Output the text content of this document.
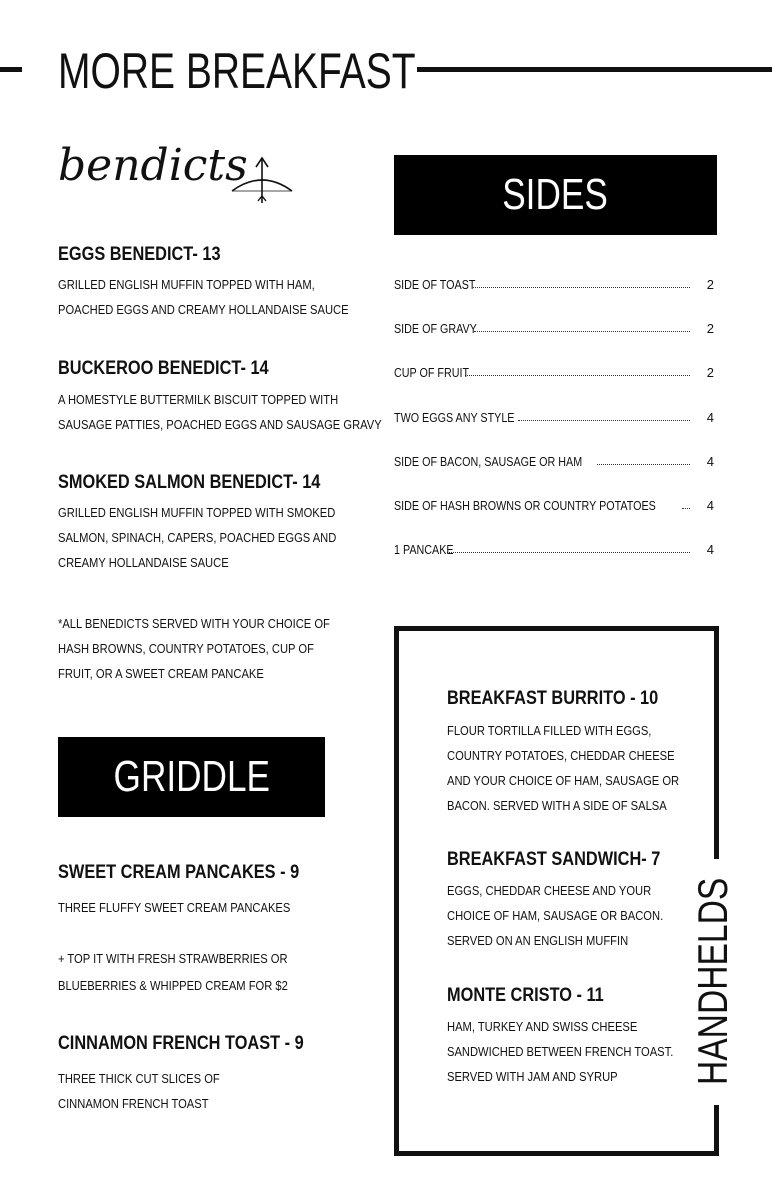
MORE BREAKFAST
bendicts
EGGS BENEDICT- 13
GRILLED ENGLISH MUFFIN TOPPED WITH HAM,
POACHED EGGS AND CREAMY HOLLANDAISE SAUCE
BUCKEROO BENEDICT- 14
A HOMESTYLE BUTTERMILK BISCUIT TOPPED WITH
SAUSAGE PATTIES, POACHED EGGS AND SAUSAGE GRAVY
SMOKED SALMON BENEDICT- 14
GRILLED ENGLISH MUFFIN TOPPED WITH SMOKED
SALMON, SPINACH, CAPERS, POACHED EGGS AND
CREAMY HOLLANDAISE SAUCE
*ALL BENEDICTS SERVED WITH YOUR CHOICE OF
HASH BROWNS, COUNTRY POTATOES, CUP OF
FRUIT, OR A SWEET CREAM PANCAKE
GRIDDLE
SWEET CREAM PANCAKES - 9
THREE FLUFFY SWEET CREAM PANCAKES
+ TOP IT WITH FRESH STRAWBERRIES OR
BLUEBERRIES & WHIPPED CREAM FOR $2
CINNAMON FRENCH TOAST - 9
THREE THICK CUT SLICES OF
CINNAMON FRENCH TOAST
SIDES
SIDE OF TOAST	2
SIDE OF GRAVY	2
CUP OF FRUIT	2
TWO EGGS ANY STYLE	4
SIDE OF BACON, SAUSAGE OR HAM	4
SIDE OF HASH BROWNS OR COUNTRY POTATOES	4
1 PANCAKE	4
HANDHELDS
BREAKFAST BURRITO - 10
FLOUR TORTILLA FILLED WITH EGGS,
COUNTRY POTATOES, CHEDDAR CHEESE
AND YOUR CHOICE OF HAM, SAUSAGE OR
BACON. SERVED WITH A SIDE OF SALSA
BREAKFAST SANDWICH- 7
EGGS, CHEDDAR CHEESE AND YOUR
CHOICE OF HAM, SAUSAGE OR BACON.
SERVED ON AN ENGLISH MUFFIN
MONTE CRISTO - 11
HAM, TURKEY AND SWISS CHEESE
SANDWICHED BETWEEN FRENCH TOAST.
SERVED WITH JAM AND SYRUP
